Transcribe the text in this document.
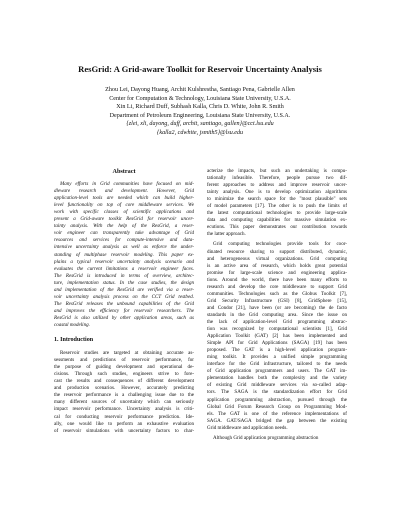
ResGrid: A Grid-aware Toolkit for Reservoir Uncertainty Analysis
Zhou Lei, Dayong Huang, Archit Kulshrestha, Santiago Pena, Gabrielle Allen
Center for Computation & Technology, Louisiana State University, U.S.A.
Xin Li, Richard Duff, Subhash Kalla, Chris D. White, John R. Smith
Department of Petroleum Engineering, Louisiana State University, U.S.A.
{zlei, xli, dayong, duff, archit, santiago, gallen}@cct.lsu.edu
{kalla2, cdwhite, jsmith5}@lsu.edu
Abstract
Many efforts in Grid communities have focused on mid-
dleware research and development. However, Grid
application-level tools are needed which can build higher-
level functionality on top of core middleware services. We
work with specific classes of scientific applications and
present a Grid-aware toolkit ResGrid for reservoir uncer-
tainty analysis. With the help of the ResGrid, a reser-
voir engineer can transparently take advantage of Grid
resources and services for compute-intensive and data-
intensive uncertainty analysis as well as enforce the under-
standing of multiphase reservoir modeling. This paper ex-
plains a typical reservoir uncertainty analysis scenario and
evaluates the current limitations a reservoir engineer faces.
The ResGrid is introduced in terms of overview, architec-
ture, implementation status. In the case studies, the design
and implementation of the ResGrid are verified via a reser-
voir uncertainty analysis process on the CCT Grid testbed.
The ResGrid releases the unbound capabilities of the Grid
and improves the efficiency for reservoir researchers. The
ResGrid is also utilized by other application areas, such as
coastal modeling.
1. Introduction
Reservoir studies are targeted at obtaining accurate as-
sessments and predictions of reservoir performance, for
the purpose of guiding development and operational de-
cisions. Through such studies, engineers strive to fore-
cast the results and consequences of different development
and production scenarios. However, accurately predicting
the reservoir performance is a challenging issue due to the
many different sources of uncertainty which can seriously
impact reservoir performance. Uncertainty analysis is criti-
cal for conducting reservoir performance prediction. Ide-
ally, one would like to perform an exhaustive evaluation
of reservoir simulations with uncertainty factors to char-
acterize the impacts, but such an undertaking is compu-
tationally infeasible. Therefore, people pursue two dif-
ferent approaches to address and improve reservoir uncer-
tainty analysis. One is to develop optimization algorithms
to minimize the search space for the "most plausible" sets
of model parameters [17]. The other is to push the limits of
the latest computational technologies to provide large-scale
data and computing capabilities for massive simulation ex-
ecutions. This paper demonstrates our contribution towards
the latter approach.
Grid computing technologies provide tools for coor-
dinated resource sharing to support distributed, dynamic,
and heterogeneous virtual organizations. Grid computing
is an active area of research, which holds great potential
promise for large-scale science and engineering applica-
tions. Around the world, there have been many efforts to
research and develop the core middleware to support Grid
communities. Technologies such as the Globus Toolkit [7],
Grid Security Infrastructure (GSI) [8], GridSphere [15],
and Condor [21], have been (or are becoming) the de facto
standards in the Grid computing area. Since the issue on
the lack of application-level Grid programming abstrac-
tion was recognized by computational scientists [1], Grid
Application Toolkit (GAT) [2] has been implemented and
Simple API for Grid Applications (SAGA) [19] has been
proposed. The GAT is a high-level application program-
ming toolkit. It provides a unified simple programming
interface for the Grid infrastructure, tailored to the needs
of Grid application programmers and users. The GAT im-
plementation handles both the complexity and the variety
of existing Grid middleware services via so-called adap-
tors. The SAGA is the standardization effort for Grid
application programming abstraction, pursued through the
Global Grid Forum Research Group on Programming Mod-
els. The GAT is one of the reference implementations of
SAGA. GAT/SAGA bridged the gap between the existing
Grid middleware and application needs.
Although Grid application programming abstraction
